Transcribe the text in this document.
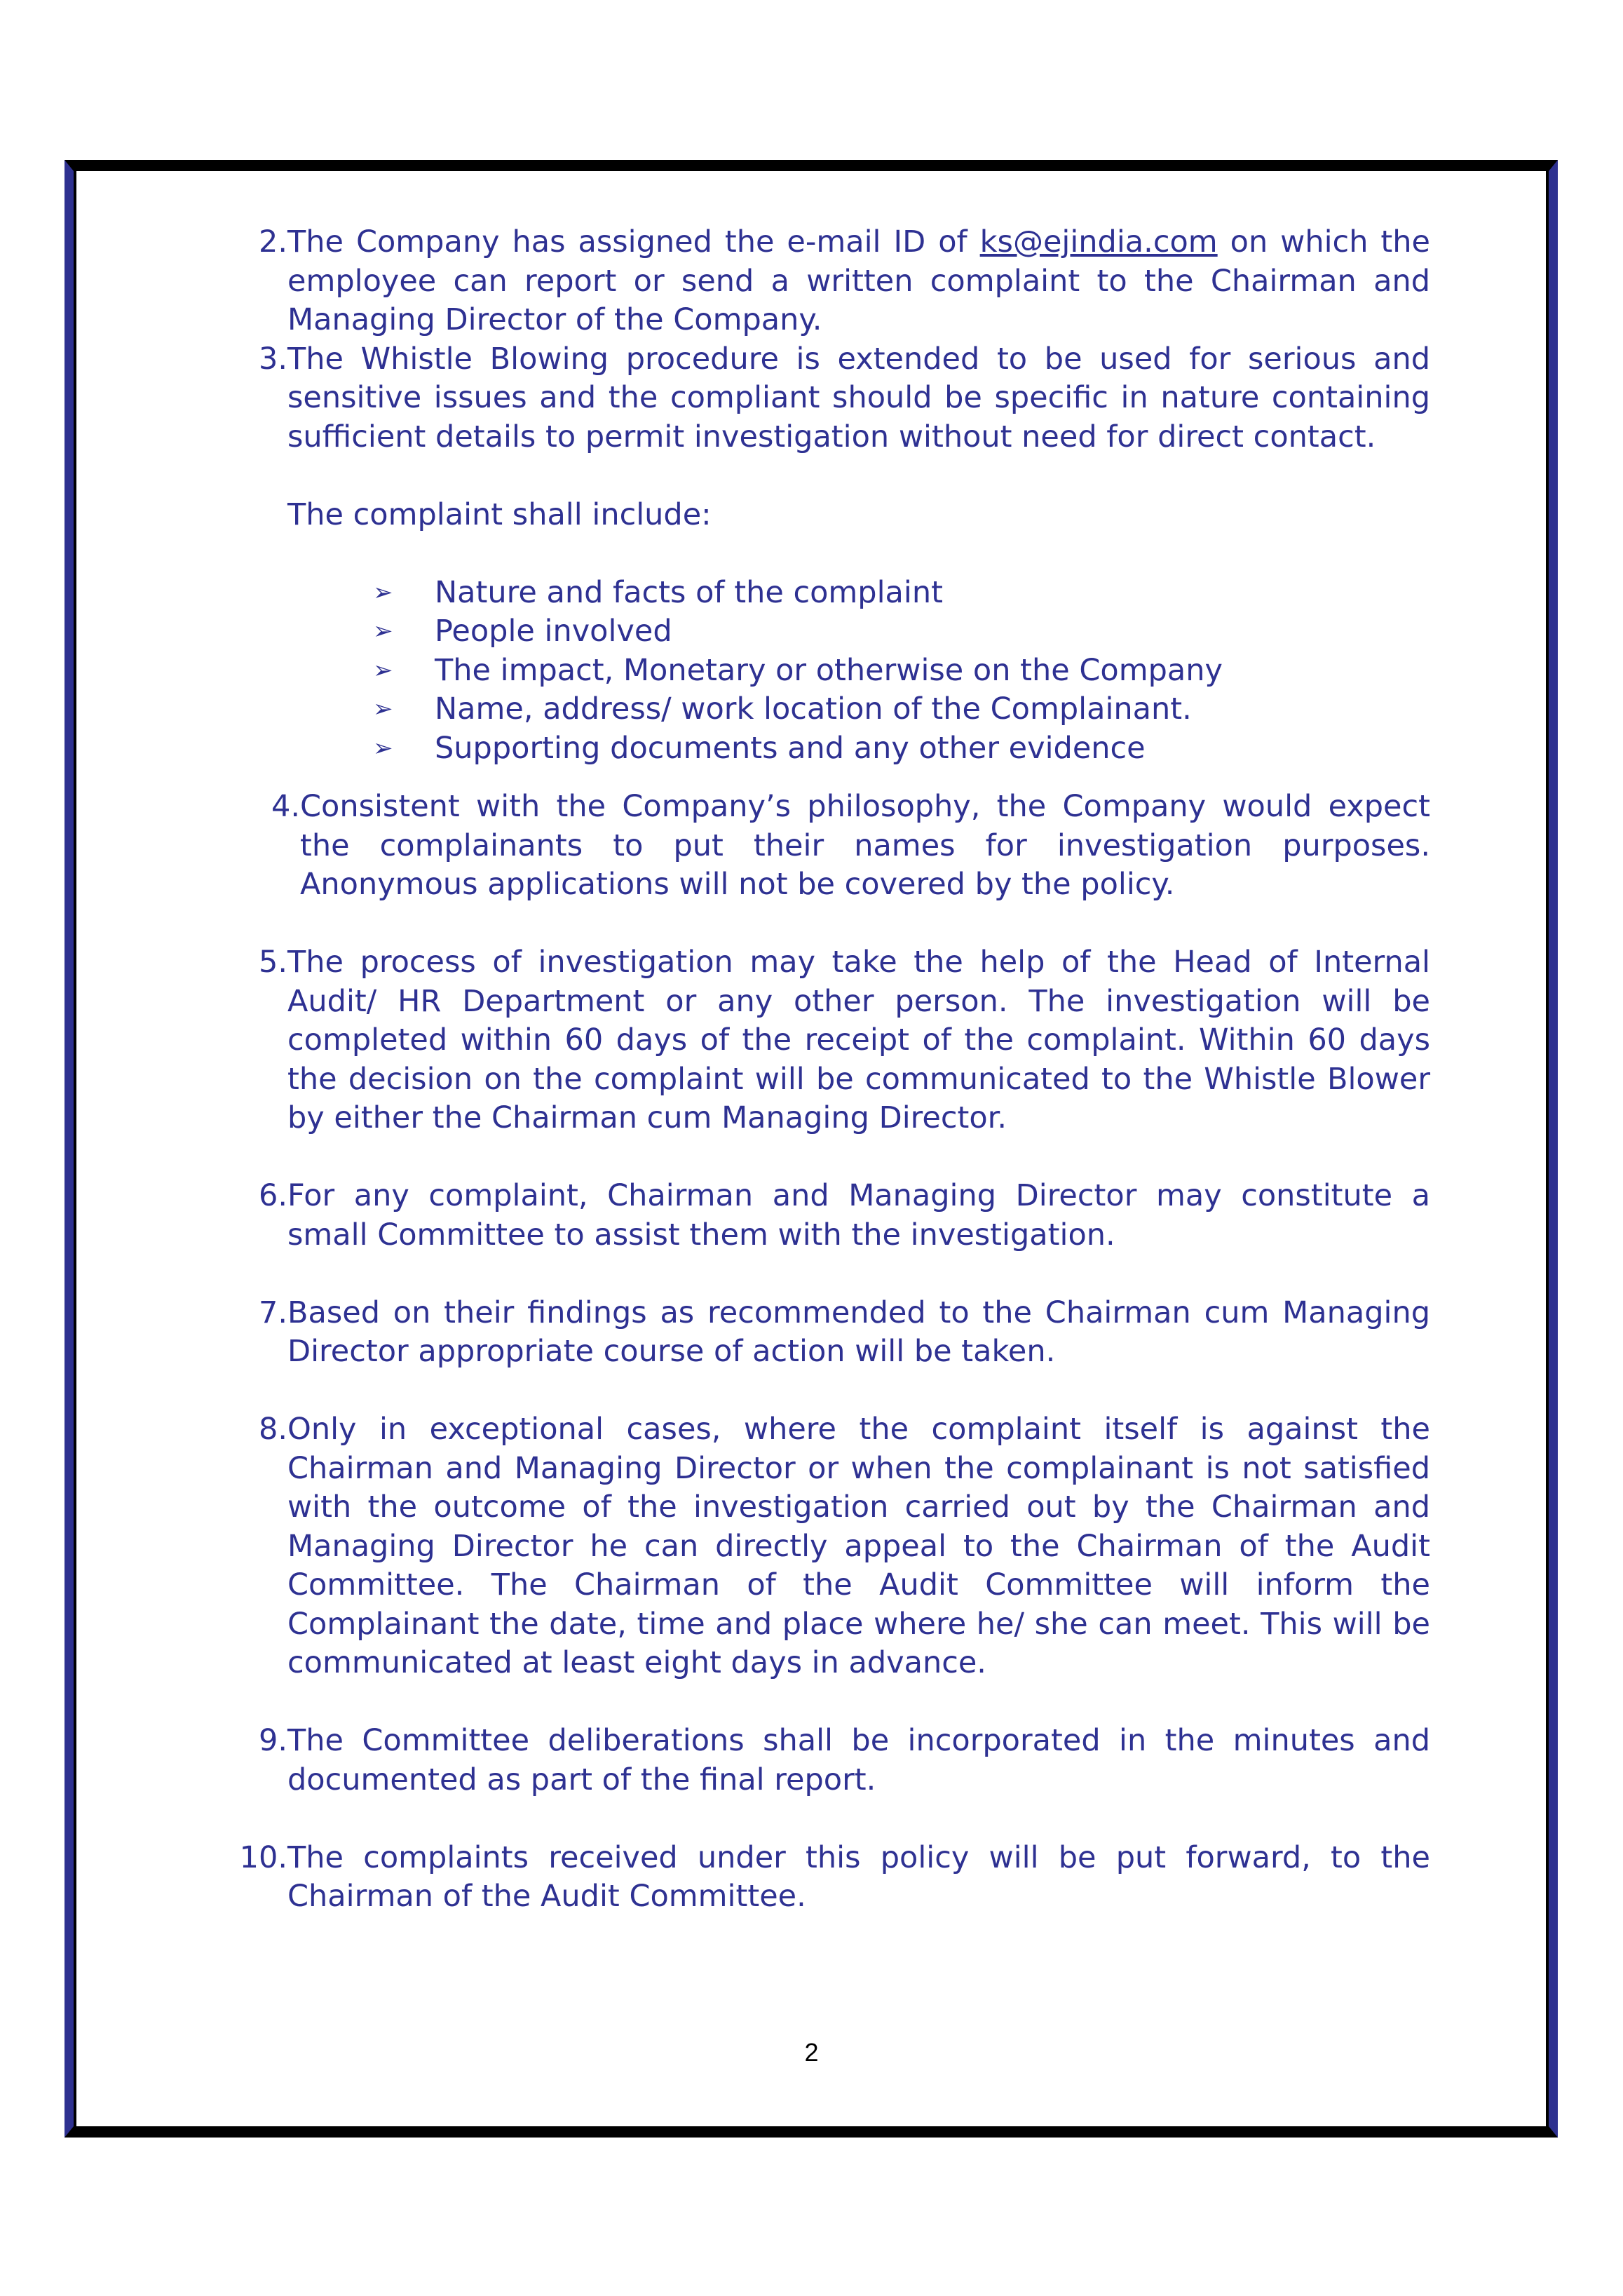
2. The Company has assigned the e-mail ID of ks@ejindia.com on which the employee can report or send a written complaint to the Chairman and Managing Director of the Company.
3. The Whistle Blowing procedure is extended to be used for serious and sensitive issues and the compliant should be specific in nature containing sufficient details to permit investigation without need for direct contact.
The complaint shall include:
➢	Nature and facts of the complaint
➢	People involved
➢	The impact, Monetary or otherwise on the Company
➢	Name, address/ work location of the Complainant.
➢	Supporting documents and any other evidence
4. Consistent with the Company’s philosophy, the Company would expect the complainants to put their names for investigation purposes. Anonymous applications will not be covered by the policy.
5. The process of investigation may take the help of the Head of Internal Audit/ HR Department or any other person. The investigation will be completed within 60 days of the receipt of the complaint. Within 60 days the decision on the complaint will be communicated to the Whistle Blower by either the Chairman cum Managing Director.
6. For any complaint, Chairman and Managing Director may constitute a small Committee to assist them with the investigation.
7. Based on their findings as recommended to the Chairman cum Managing Director appropriate course of action will be taken.
8. Only in exceptional cases, where the complaint itself is against the Chairman and Managing Director or when the complainant is not satisfied with the outcome of the investigation carried out by the Chairman and Managing Director he can directly appeal to the Chairman of the Audit Committee. The Chairman of the Audit Committee will inform the Complainant the date, time and place where he/ she can meet. This will be communicated at least eight days in advance.
9. The Committee deliberations shall be incorporated in the minutes and documented as part of the final report.
10. The complaints received under this policy will be put forward, to the Chairman of the Audit Committee.
2
